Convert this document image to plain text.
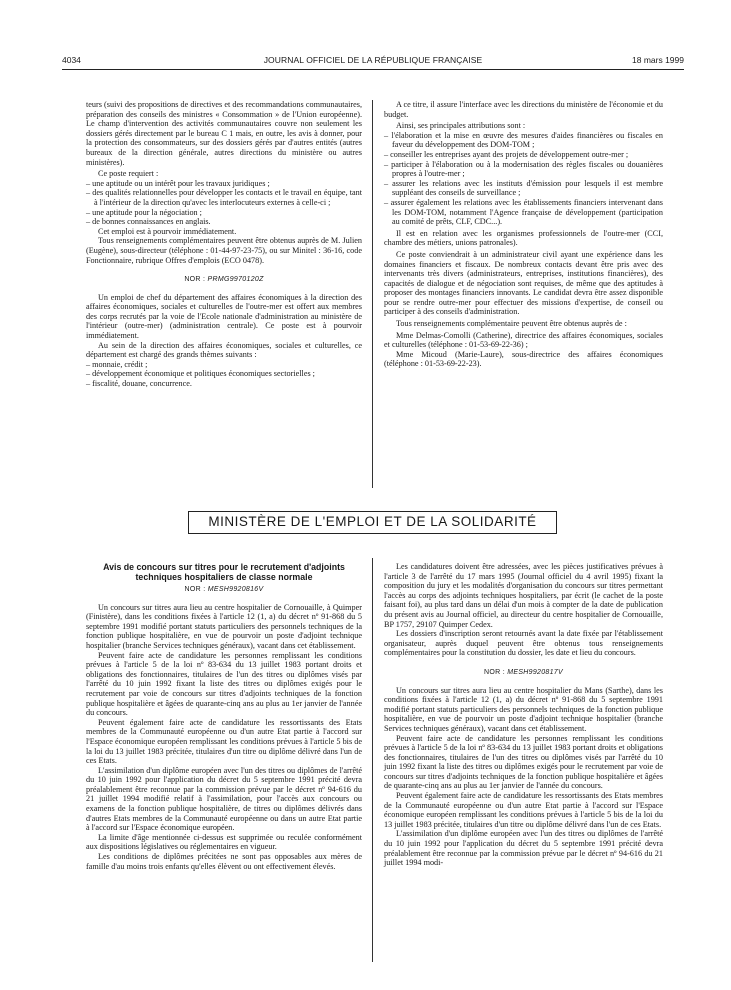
4034	JOURNAL OFFICIEL DE LA RÉPUBLIQUE FRANÇAISE	18 mars 1999

teurs (suivi des propositions de directives et des recommandations communautaires, préparation des conseils des ministres « Consommation » de l'Union européenne). Le champ d'intervention des activités communautaires couvre non seulement les dossiers gérés directement par le bureau C 1 mais, en outre, les avis à donner, pour la protection des consommateurs, sur des dossiers gérés par d'autres entités (autres bureaux de la direction générale, autres directions du ministère ou autres ministères).

Ce poste requiert :

– une aptitude ou un intérêt pour les travaux juridiques ;
– des qualités relationnelles pour développer les contacts et le travail en équipe, tant à l'intérieur de la direction qu'avec les interlocuteurs externes à celle-ci ;
– une aptitude pour la négociation ;
– de bonnes connaissances en anglais.

Cet emploi est à pourvoir immédiatement.

Tous renseignements complémentaires peuvent être obtenus auprès de M. Julien (Eugène), sous-directeur (téléphone : 01-44-97-23-75), ou sur Minitel : 36-16, code Fonctionnaire, rubrique Offres d'emplois (ECO 0478).

NOR : PRMG9970120Z

Un emploi de chef du département des affaires économiques à la direction des affaires économiques, sociales et culturelles de l'outre-mer est offert aux membres des corps recrutés par la voie de l'Ecole nationale d'administration au ministère de l'intérieur (outre-mer) (administration centrale). Ce poste est à pourvoir immédiatement.

Au sein de la direction des affaires économiques, sociales et culturelles, ce département est chargé des grands thèmes suivants :

– monnaie, crédit ;
– développement économique et politiques économiques sectorielles ;
– fiscalité, douane, concurrence.

A ce titre, il assure l'interface avec les directions du ministère de l'économie et du budget.

Ainsi, ses principales attributions sont :

– l'élaboration et la mise en œuvre des mesures d'aides financières ou fiscales en faveur du développement des DOM-TOM ;
– conseiller les entreprises ayant des projets de développement outre-mer ;
– participer à l'élaboration ou à la modernisation des règles fiscales ou douanières propres à l'outre-mer ;
– assurer les relations avec les instituts d'émission pour lesquels il est membre suppléant des conseils de surveillance ;
– assurer également les relations avec les établissements financiers intervenant dans les DOM-TOM, notamment l'Agence française de développement (participation au comité de prêts, CLF, CDC...).

Il est en relation avec les organismes professionnels de l'outre-mer (CCI, chambre des métiers, unions patronales).

Ce poste conviendrait à un administrateur civil ayant une expérience dans les domaines financiers et fiscaux. De nombreux contacts devant être pris avec des intervenants très divers (administrateurs, entreprises, institutions financières), des capacités de dialogue et de négociation sont requises, de même que des aptitudes à proposer des montages financiers innovants. Le candidat devra être assez disponible pour se rendre outre-mer pour effectuer des missions d'expertise, de conseil ou participer à des conseils d'administration.

Tous renseignements complémentaire peuvent être obtenus auprès de :

Mme Delmas-Comolli (Catherine), directrice des affaires économiques, sociales et culturelles (téléphone : 01-53-69-22-36) ;

Mme Micoud (Marie-Laure), sous-directrice des affaires économiques (téléphone : 01-53-69-22-23).

MINISTÈRE DE L'EMPLOI ET DE LA SOLIDARITÉ
Avis de concours sur titres pour le recrutement d'adjoints techniques hospitaliers de classe normale
NOR : MESH9920816V

Un concours sur titres aura lieu au centre hospitalier de Cornouaille, à Quimper (Finistère), dans les conditions fixées à l'article 12 (1, a) du décret nº 91-868 du 5 septembre 1991 modifié portant statuts particuliers des personnels techniques de la fonction publique hospitalière, en vue de pourvoir un poste d'adjoint technique hospitalier (branche Services techniques généraux), vacant dans cet établissement.

Peuvent faire acte de candidature les personnes remplissant les conditions prévues à l'article 5 de la loi nº 83-634 du 13 juillet 1983 portant droits et obligations des fonctionnaires, titulaires de l'un des titres ou diplômes visés par l'arrêté du 10 juin 1992 fixant la liste des titres ou diplômes exigés pour le recrutement par voie de concours sur titres d'adjoints techniques de la fonction publique hospitalière et âgées de quarante-cinq ans au plus au 1er janvier de l'année du concours.

Peuvent également faire acte de candidature les ressortissants des Etats membres de la Communauté européenne ou d'un autre Etat partie à l'accord sur l'Espace économique européen remplissant les conditions prévues à l'article 5 bis de la loi du 13 juillet 1983 précitée, titulaires d'un titre ou diplôme délivré dans l'un de ces Etats.

L'assimilation d'un diplôme européen avec l'un des titres ou diplômes de l'arrêté du 10 juin 1992 pour l'application du décret du 5 septembre 1991 précité devra préalablement être reconnue par la commission prévue par le décret nº 94-616 du 21 juillet 1994 modifié relatif à l'assimilation, pour l'accès aux concours ou examens de la fonction publique hospitalière, de titres ou diplômes délivrés dans d'autres Etats membres de la Communauté européenne ou dans un autre Etat partie à l'accord sur l'Espace économique européen.

La limite d'âge mentionnée ci-dessus est supprimée ou reculée conformément aux dispositions législatives ou réglementaires en vigueur.

Les conditions de diplômes précitées ne sont pas opposables aux mères de famille d'au moins trois enfants qu'elles élèvent ou ont effectivement élevés.

Les candidatures doivent être adressées, avec les pièces justificatives prévues à l'article 3 de l'arrêté du 17 mars 1995 (Journal officiel du 4 avril 1995) fixant la composition du jury et les modalités d'organisation du concours sur titres permettant l'accès au corps des adjoints techniques hospitaliers, par écrit (le cachet de la poste faisant foi), au plus tard dans un délai d'un mois à compter de la date de publication du présent avis au Journal officiel, au directeur du centre hospitalier de Cornouaille, BP 1757, 29107 Quimper Cedex.

Les dossiers d'inscription seront retournés avant la date fixée par l'établissement organisateur, auprès duquel peuvent être obtenus tous renseignements complémentaires pour la constitution du dossier, les date et lieu du concours.

NOR : MESH9920817V

Un concours sur titres aura lieu au centre hospitalier du Mans (Sarthe), dans les conditions fixées à l'article 12 (1, a) du décret nº 91-868 du 5 septembre 1991 modifié portant statuts particuliers des personnels techniques de la fonction publique hospitalière, en vue de pourvoir un poste d'adjoint technique hospitalier (branche Services techniques généraux), vacant dans cet établissement.

Peuvent faire acte de candidature les personnes remplissant les conditions prévues à l'article 5 de la loi nº 83-634 du 13 juillet 1983 portant droits et obligations des fonctionnaires, titulaires de l'un des titres ou diplômes visés par l'arrêté du 10 juin 1992 fixant la liste des titres ou diplômes exigés pour le recrutement par voie de concours sur titres d'adjoints techniques de la fonction publique hospitalière et âgées de quarante-cinq ans au plus au 1er janvier de l'année du concours.

Peuvent également faire acte de candidature les ressortissants des Etats membres de la Communauté européenne ou d'un autre Etat partie à l'accord sur l'Espace économique européen remplissant les conditions prévues à l'article 5 bis de la loi du 13 juillet 1983 précitée, titulaires d'un titre ou diplôme délivré dans l'un de ces Etats.

L'assimilation d'un diplôme européen avec l'un des titres ou diplômes de l'arrêté du 10 juin 1992 pour l'application du décret du 5 septembre 1991 précité devra préalablement être reconnue par la commission prévue par le décret nº 94-616 du 21 juillet 1994 modi-
